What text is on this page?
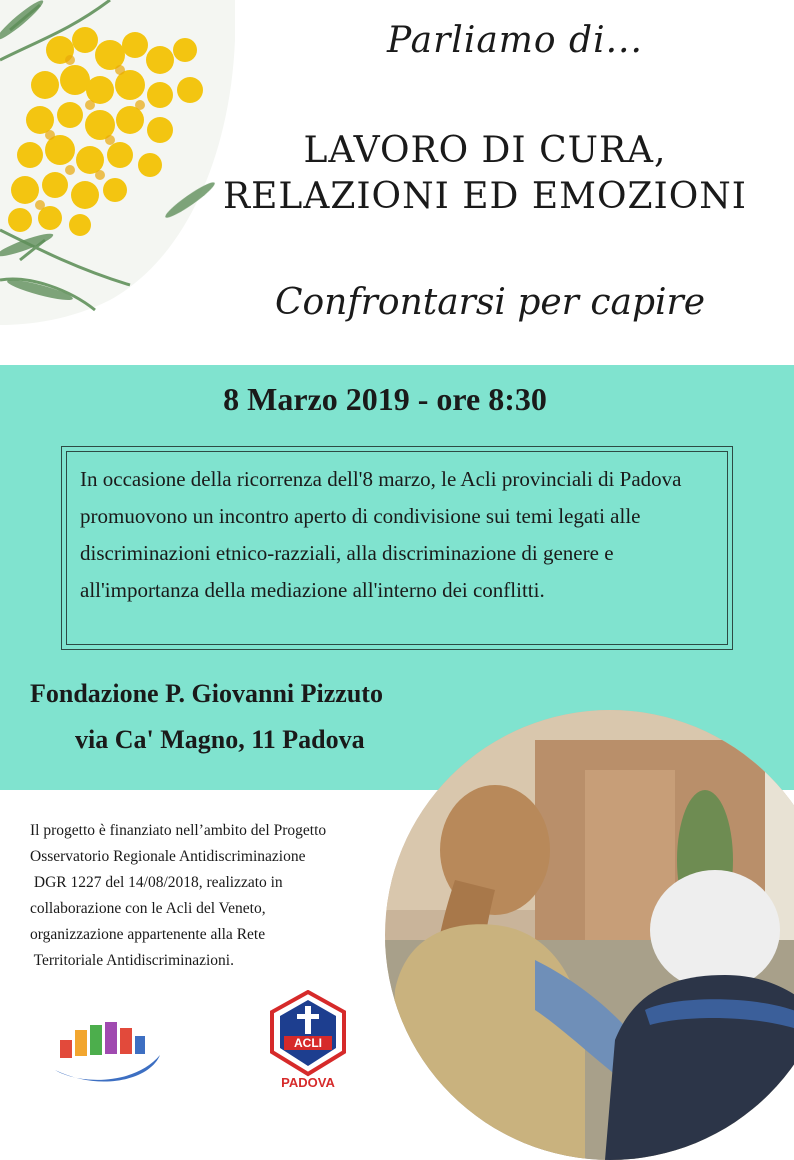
Parliamo di...
LAVORO DI CURA,
RELAZIONI ED EMOZIONI
Confrontarsi per capire
8 Marzo 2019 - ore 8:30
In occasione della ricorrenza dell'8 marzo, le Acli provinciali di Padova promuovono un incontro aperto di condivisione sui temi legati alle discriminazioni etnico-razziali, alla discriminazione di genere e all'importanza della mediazione all'interno dei conflitti.
Fondazione P. Giovanni Pizzuto
via Ca' Magno, 11 Padova
Il progetto è finanziato nell’ambito del Progetto
Osservatorio Regionale Antidiscriminazione
DGR 1227 del 14/08/2018, realizzato in
collaborazione con le Acli del Veneto,
organizzazione appartenente alla Rete
Territoriale Antidiscriminazioni.
ACLI
PADOVA
